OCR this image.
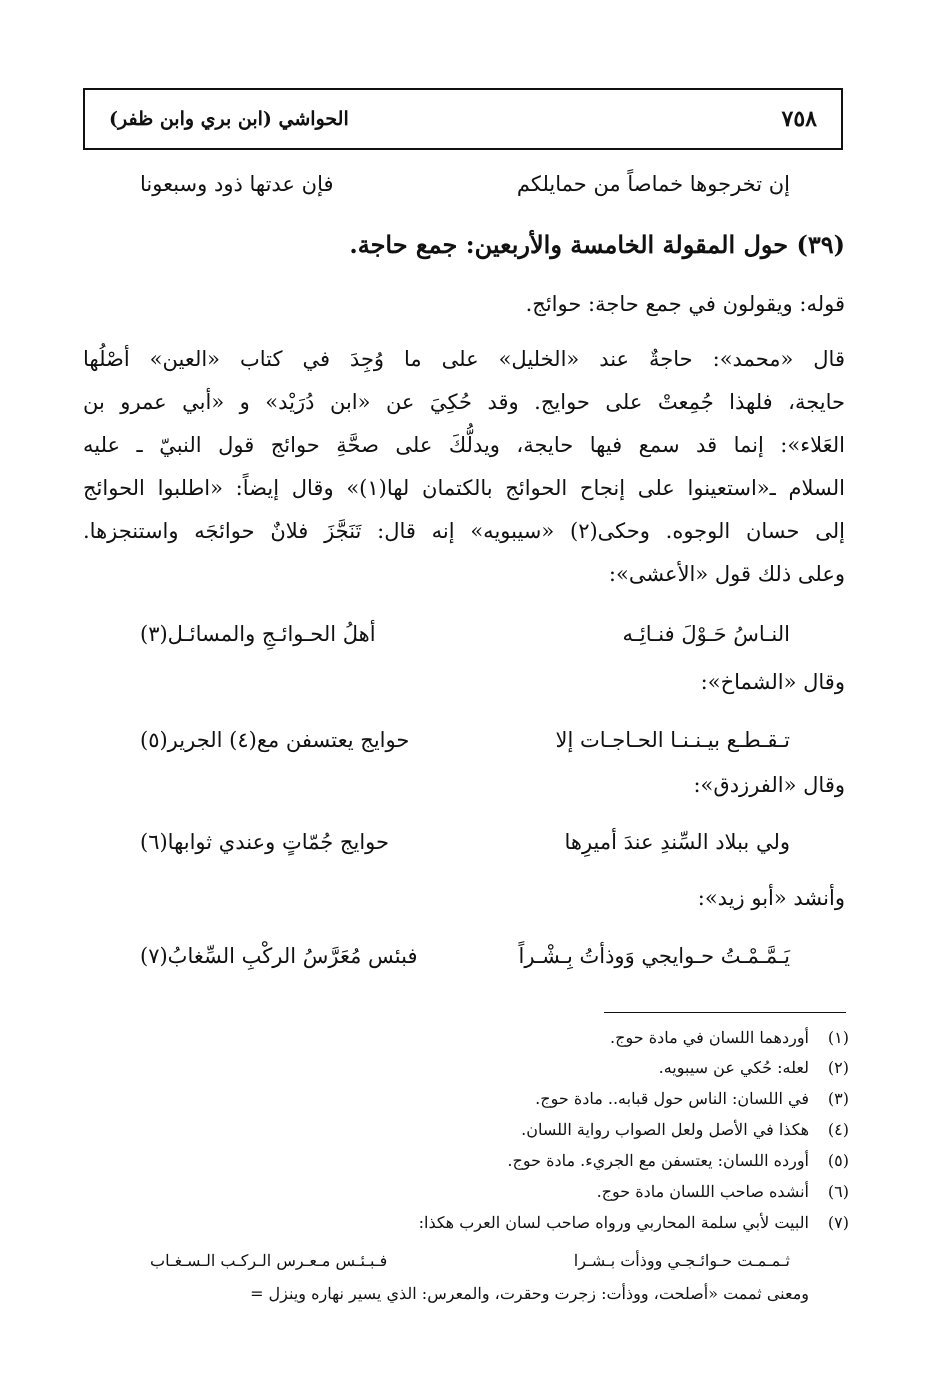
٧٥٨
الحواشي (ابن بري وابن ظفر)
إن تخرجوها خماصاً من حمايلكم
فإن عدتها ذود وسبعونا
(٣٩) حول المقولة الخامسة والأربعين: جمع حاجة.
قوله: ويقولون في جمع حاجة: حوائج.
قال «محمد»: حاجةٌ عند «الخليل» على ما وُجِدَ في كتاب «العين» أصْلُها
حايجة، فلهذا جُمِعتْ على حوايج. وقد حُكِيَ عن «ابن دُرَيْد» و «أبي عمرو بن
العَلاء»: إنما قد سمع فيها حايجة، ويدلُّكَ على صحَّةِ حوائج قول النبيّ ـ عليه
السلام ـ«استعينوا على إنجاح الحوائج بالكتمان لها(١)» وقال إيضاً: «اطلبوا الحوائج
إلى حسان الوجوه. وحكى(٢) «سيبويه» إنه قال: تَنَجَّزَ فلانٌ حوائجَه واستنجزها.
وعلى ذلك قول «الأعشى»:
النـاسُ حَـوْلَ فنـائِـه
أهلُ الحـوائـجِ والمسائـل(٣)
وقال «الشماخ»:
تـقـطـع بيـنـنـا الحـاجـات إلا
حوايج يعتسفن مع(٤) الجرير(٥)
وقال «الفرزدق»:
ولي ببلاد السِّندِ عندَ أميرِها
حوايج جُمّاتٍ وعندي ثوابها(٦)
وأنشد «أبو زيد»:
يَـمَّـمْـتُ حـوايجي وَوذأتُ بِـشْـراً
فبئس مُعَرَّسُ الركْبِ السِّغابُ(٧)
(١)أوردهما اللسان في مادة حوج.
(٢)لعله: حُكي عن سيبويه.
(٣)في اللسان: الناس حول قبابه.. مادة حوج.
(٤)هكذا في الأصل ولعل الصواب رواية اللسان.
(٥)أورده اللسان: يعتسفن مع الجريء. مادة حوج.
(٦)أنشده صاحب اللسان مادة حوج.
(٧)البيت لأبي سلمة المحاربي ورواه صاحب لسان العرب هكذا:
ثـمـمـت حـوائـجـي ووذأت بـشـرا
فـبـئـس مـعـرس الـركـب الـسـغـاب
ومعنى ثممت «أصلحت، ووذأت: زجرت وحقرت، والمعرس: الذي يسير نهاره وينزل =
